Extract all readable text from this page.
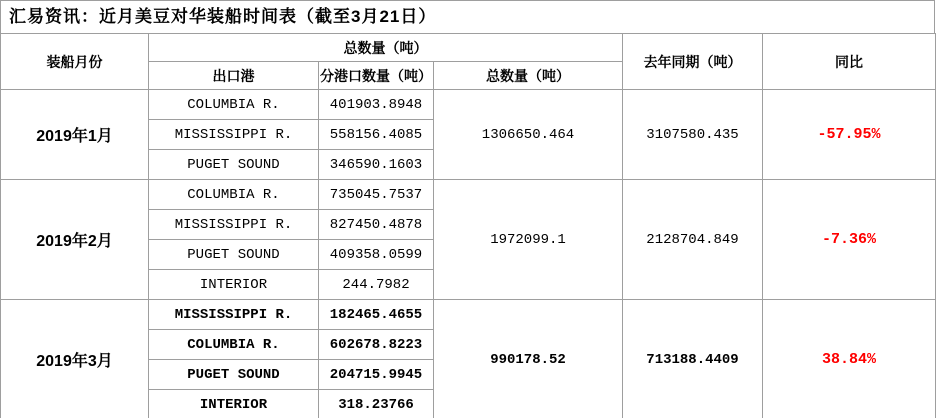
汇易资讯：近月美豆对华装船时间表（截至3月21日）
装船月份	总数量（吨）			去年同期（吨）	同比
	出口港	分港口数量（吨）	总数量（吨）		
2019年1月	COLUMBIA R.	401903.8948	1306650.464	3107580.435	-57.95%
	MISSISSIPPI R.	558156.4085			
	PUGET SOUND	346590.1603			
2019年2月	COLUMBIA R.	735045.7537	1972099.1	2128704.849	-7.36%
	MISSISSIPPI R.	827450.4878			
	PUGET SOUND	409358.0599			
	INTERIOR	244.7982			
2019年3月	MISSISSIPPI R.	182465.4655	990178.52	713188.4409	38.84%
	COLUMBIA R.	602678.8223			
	PUGET SOUND	204715.9945			
	INTERIOR	318.23766			
